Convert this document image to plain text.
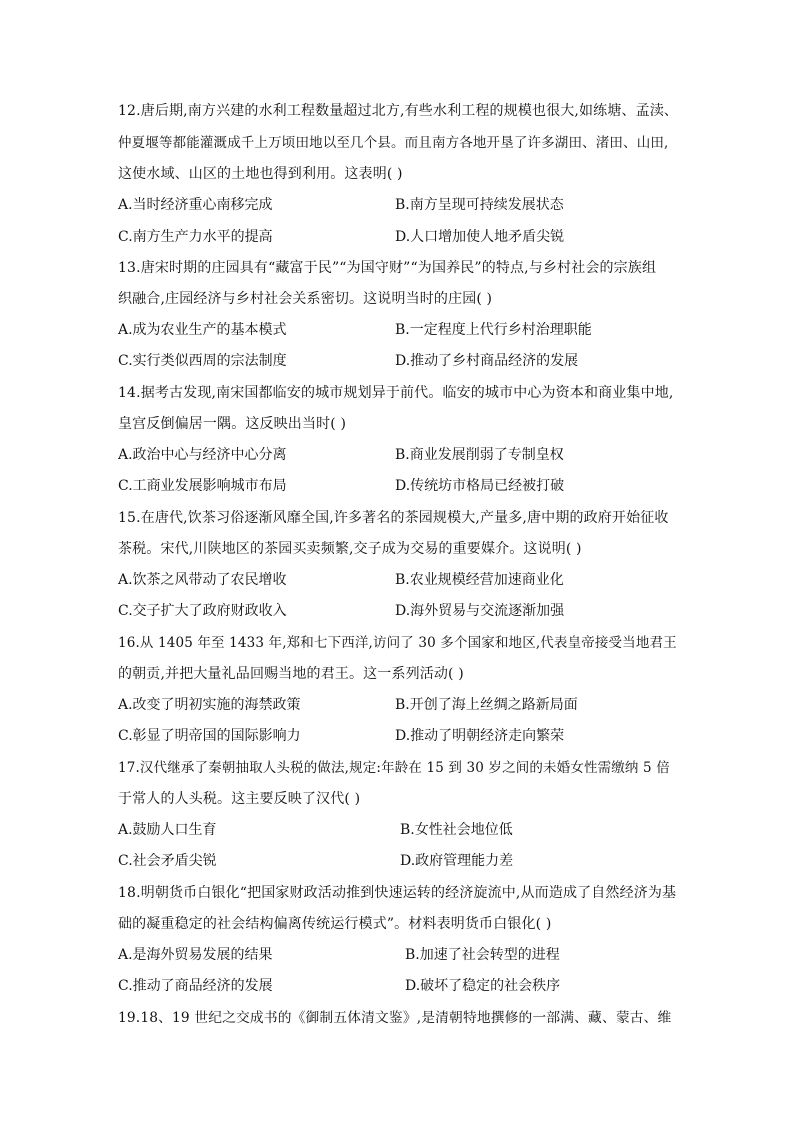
12.唐后期,南方兴建的水利工程数量超过北方,有些水利工程的规模也很大,如练塘、孟渎、
仲夏堰等都能灌溉成千上万顷田地以至几个县。而且南方各地开垦了许多湖田、渚田、山田,
这使水域、山区的土地也得到利用。这表明( )
A.当时经济重心南移完成	B.南方呈现可持续发展状态
C.南方生产力水平的提高	D.人口增加使人地矛盾尖锐
13.唐宋时期的庄园具有“藏富于民”“为国守财”“为国养民”的特点,与乡村社会的宗族组
织融合,庄园经济与乡村社会关系密切。这说明当时的庄园( )
A.成为农业生产的基本模式	B.一定程度上代行乡村治理职能
C.实行类似西周的宗法制度	D.推动了乡村商品经济的发展
14.据考古发现,南宋国都临安的城市规划异于前代。临安的城市中心为资本和商业集中地,
皇宫反倒偏居一隅。这反映出当时( )
A.政治中心与经济中心分离	B.商业发展削弱了专制皇权
C.工商业发展影响城市布局	D.传统坊市格局已经被打破
15.在唐代,饮茶习俗逐渐风靡全国,许多著名的茶园规模大,产量多,唐中期的政府开始征收
茶税。宋代,川陕地区的茶园买卖频繁,交子成为交易的重要媒介。这说明( )
A.饮茶之风带动了农民增收	B.农业规模经营加速商业化
C.交子扩大了政府财政收入	D.海外贸易与交流逐渐加强
16.从 1405 年至 1433 年,郑和七下西洋,访问了 30 多个国家和地区,代表皇帝接受当地君王
的朝贡,并把大量礼品回赐当地的君王。这一系列活动( )
A.改变了明初实施的海禁政策	B.开创了海上丝绸之路新局面
C.彰显了明帝国的国际影响力	D.推动了明朝经济走向繁荣
17.汉代继承了秦朝抽取人头税的做法,规定:年龄在 15 到 30 岁之间的未婚女性需缴纳 5 倍
于常人的人头税。这主要反映了汉代( )
A.鼓励人口生育	B.女性社会地位低
C.社会矛盾尖锐	D.政府管理能力差
18.明朝货币白银化“把国家财政活动推到快速运转的经济旋流中,从而造成了自然经济为基
础的凝重稳定的社会结构偏离传统运行模式”。材料表明货币白银化( )
A.是海外贸易发展的结果	B.加速了社会转型的进程
C.推动了商品经济的发展	D.破坏了稳定的社会秩序
19.18、19 世纪之交成书的《御制五体清文鉴》,是清朝特地撰修的一部满、藏、蒙古、维
